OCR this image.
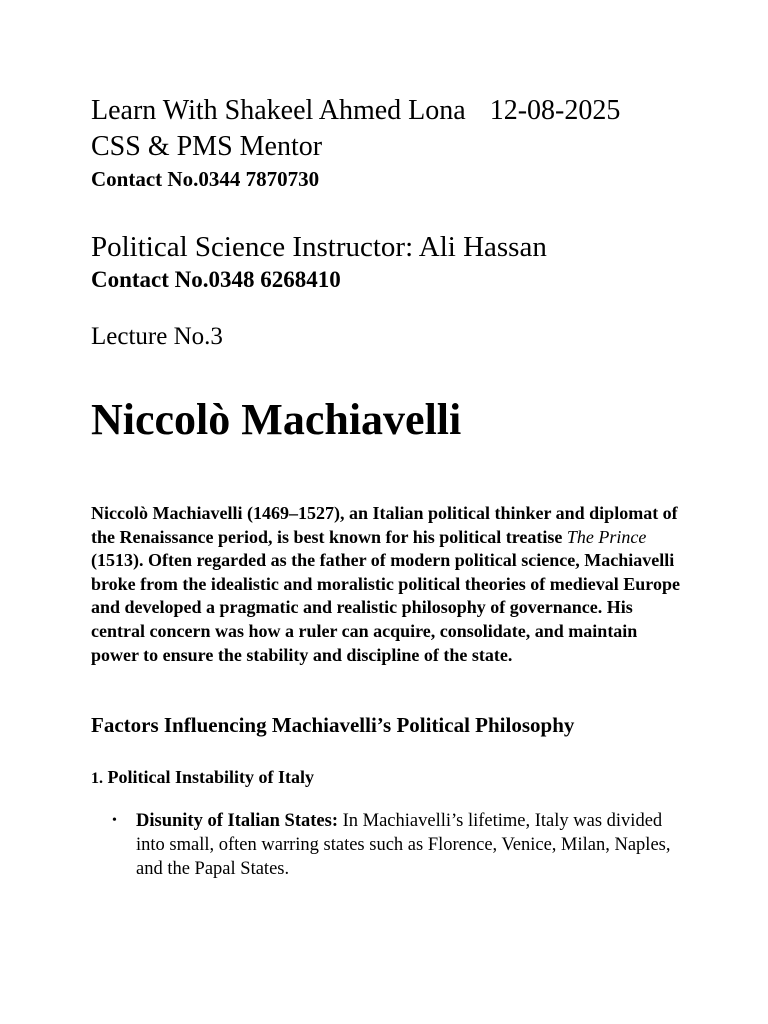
Learn With Shakeel Ahmed Lona 12-08-2025

CSS & PMS Mentor

Contact No.0344 7870730

Political Science Instructor: Ali Hassan

Contact No.0348 6268410

Lecture No.3

Niccolò Machiavelli

Niccolò Machiavelli (1469–1527), an Italian political thinker and diplomat of the Renaissance period, is best known for his political treatise The Prince (1513). Often regarded as the father of modern political science, Machiavelli broke from the idealistic and moralistic political theories of medieval Europe and developed a pragmatic and realistic philosophy of governance. His central concern was how a ruler can acquire, consolidate, and maintain power to ensure the stability and discipline of the state.

Factors Influencing Machiavelli’s Political Philosophy
1. Political Instability of Italy
• Disunity of Italian States: In Machiavelli’s lifetime, Italy was divided into small, often warring states such as Florence, Venice, Milan, Naples, and the Papal States.
